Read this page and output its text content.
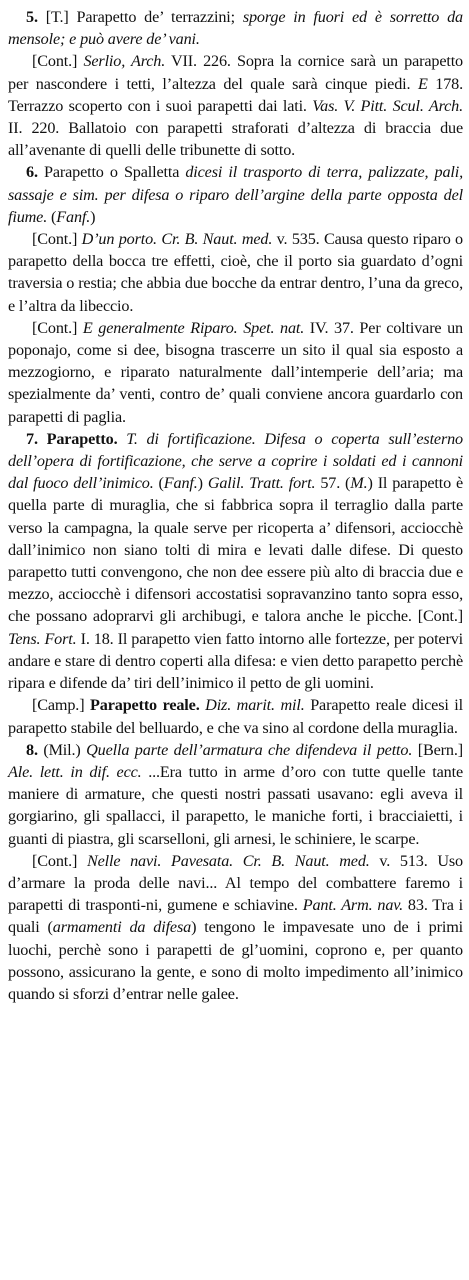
5. [T.] Parapetto de’ terrazzini; sporge in fuori ed è sorretto da mensole; e può avere de’ vani.

[Cont.] Serlio, Arch. VII. 226. Sopra la cornice sarà un parapetto per nascondere i tetti, l’altezza del quale sarà cinque piedi. E 178. Terrazzo scoperto con i suoi parapetti dai lati. Vas. V. Pitt. Scul. Arch. II. 220. Ballatoio con parapetti straforati d’altezza di braccia due all’avenante di quelli delle tribunette di sotto.

6. Parapetto o Spalletta dicesi il trasporto di terra, palizzate, pali, sassaje e sim. per difesa o riparo dell’argine della parte opposta del fiume. (Fanf.)

[Cont.] D’un porto. Cr. B. Naut. med. v. 535. Causa questo riparo o parapetto della bocca tre effetti, cioè, che il porto sia guardato d’ogni traversia o restia; che abbia due bocche da entrar dentro, l’una da greco, e l’altra da libeccio.

[Cont.] E generalmente Riparo. Spet. nat. IV. 37. Per coltivare un poponajo, come si dee, bisogna trascerre un sito il qual sia esposto a mezzogiorno, e riparato naturalmente dall’intemperie dell’aria; ma spezialmente da’ venti, contro de’ quali conviene ancora guardarlo con parapetti di paglia.

7. Parapetto. T. di fortificazione. Difesa o coperta sull’esterno dell’opera di fortificazione, che serve a coprire i soldati ed i cannoni dal fuoco dell’inimico. (Fanf.) Galil. Tratt. fort. 57. (M.) Il parapetto è quella parte di muraglia, che si fabbrica sopra il terraglio dalla parte verso la campagna, la quale serve per ricoperta a’ difensori, acciocchè dall’inimico non siano tolti di mira e levati dalle difese. Di questo parapetto tutti convengono, che non dee essere più alto di braccia due e mezzo, acciocchè i difensori accostatisi sopravanzino tanto sopra esso, che possano adoprarvi gli archibugi, e talora anche le picche. [Cont.] Tens. Fort. I. 18. Il parapetto vien fatto intorno alle fortezze, per potervi andare e stare di dentro coperti alla difesa: e vien detto parapetto perchè ripara e difende da’ tiri dell’inimico il petto de gli uomini.

[Camp.] Parapetto reale. Diz. marit. mil. Parapetto reale dicesi il parapetto stabile del belluardo, e che va sino al cordone della muraglia.

8. (Mil.) Quella parte dell’armatura che difendeva il petto. [Bern.] Ale. lett. in dif. ecc. ...Era tutto in arme d’oro con tutte quelle tante maniere di armature, che questi nostri passati usavano: egli aveva il gorgiarino, gli spallacci, il parapetto, le maniche forti, i bracciaietti, i guanti di piastra, gli scarselloni, gli arnesi, le schiniere, le scarpe.

[Cont.] Nelle navi. Pavesata. Cr. B. Naut. med. v. 513. Uso d’armare la proda delle navi... Al tempo del combattere faremo i parapetti di trasponti-ni, gumene e schiavine. Pant. Arm. nav. 83. Tra i quali (armamenti da difesa) tengono le impavesate uno de i primi luochi, perchè sono i parapetti de gl’uomini, coprono e, per quanto possono, assicurano la gente, e sono di molto impedimento all’inimico quando si sforzi d’entrar nelle galee.
